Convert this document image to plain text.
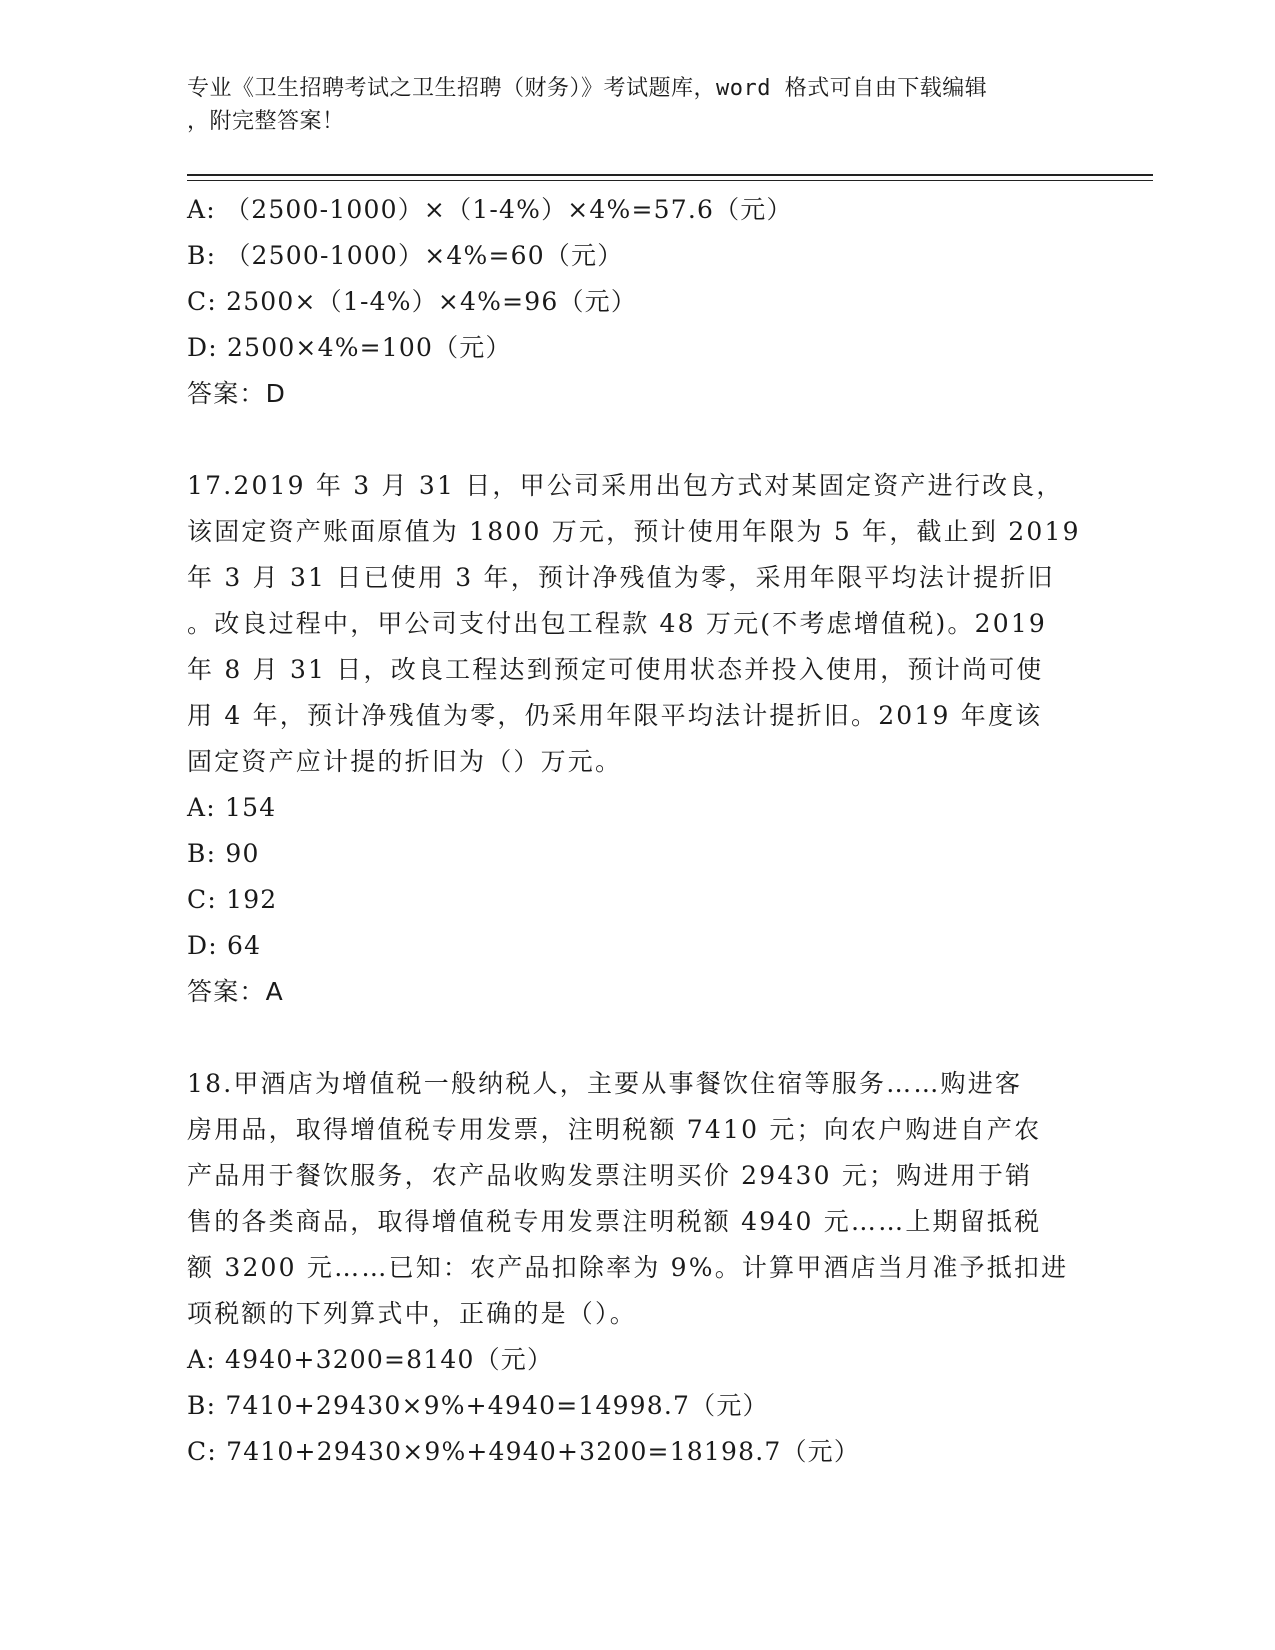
专业《卫生招聘考试之卫生招聘（财务）》考试题库，word 格式可自由下载编辑

，附完整答案！

A: （2500-1000）×（1-4%）×4%=57.6（元）
B: （2500-1000）×4%=60（元）
C: 2500×（1-4%）×4%=96（元）
D: 2500×4%=100（元）
答案：D
17.2019 年 3 月 31 日，甲公司采用出包方式对某固定资产进行改良，
该固定资产账面原值为 1800 万元，预计使用年限为 5 年，截止到 2019
年 3 月 31 日已使用 3 年，预计净残值为零，采用年限平均法计提折旧
。改良过程中，甲公司支付出包工程款 48 万元(不考虑增值税)。2019
年 8 月 31 日，改良工程达到预定可使用状态并投入使用，预计尚可使
用 4 年，预计净残值为零，仍采用年限平均法计提折旧。2019 年度该
固定资产应计提的折旧为（）万元。
A: 154
B: 90
C: 192
D: 64
答案：A
18.甲酒店为增值税一般纳税人，主要从事餐饮住宿等服务……购进客
房用品，取得增值税专用发票，注明税额 7410 元；向农户购进自产农
产品用于餐饮服务，农产品收购发票注明买价 29430 元；购进用于销
售的各类商品，取得增值税专用发票注明税额 4940 元……上期留抵税
额 3200 元……已知：农产品扣除率为 9%。计算甲酒店当月准予抵扣进
项税额的下列算式中，正确的是（）。
A: 4940+3200=8140（元）
B: 7410+29430×9%+4940=14998.7（元）
C: 7410+29430×9%+4940+3200=18198.7（元）
